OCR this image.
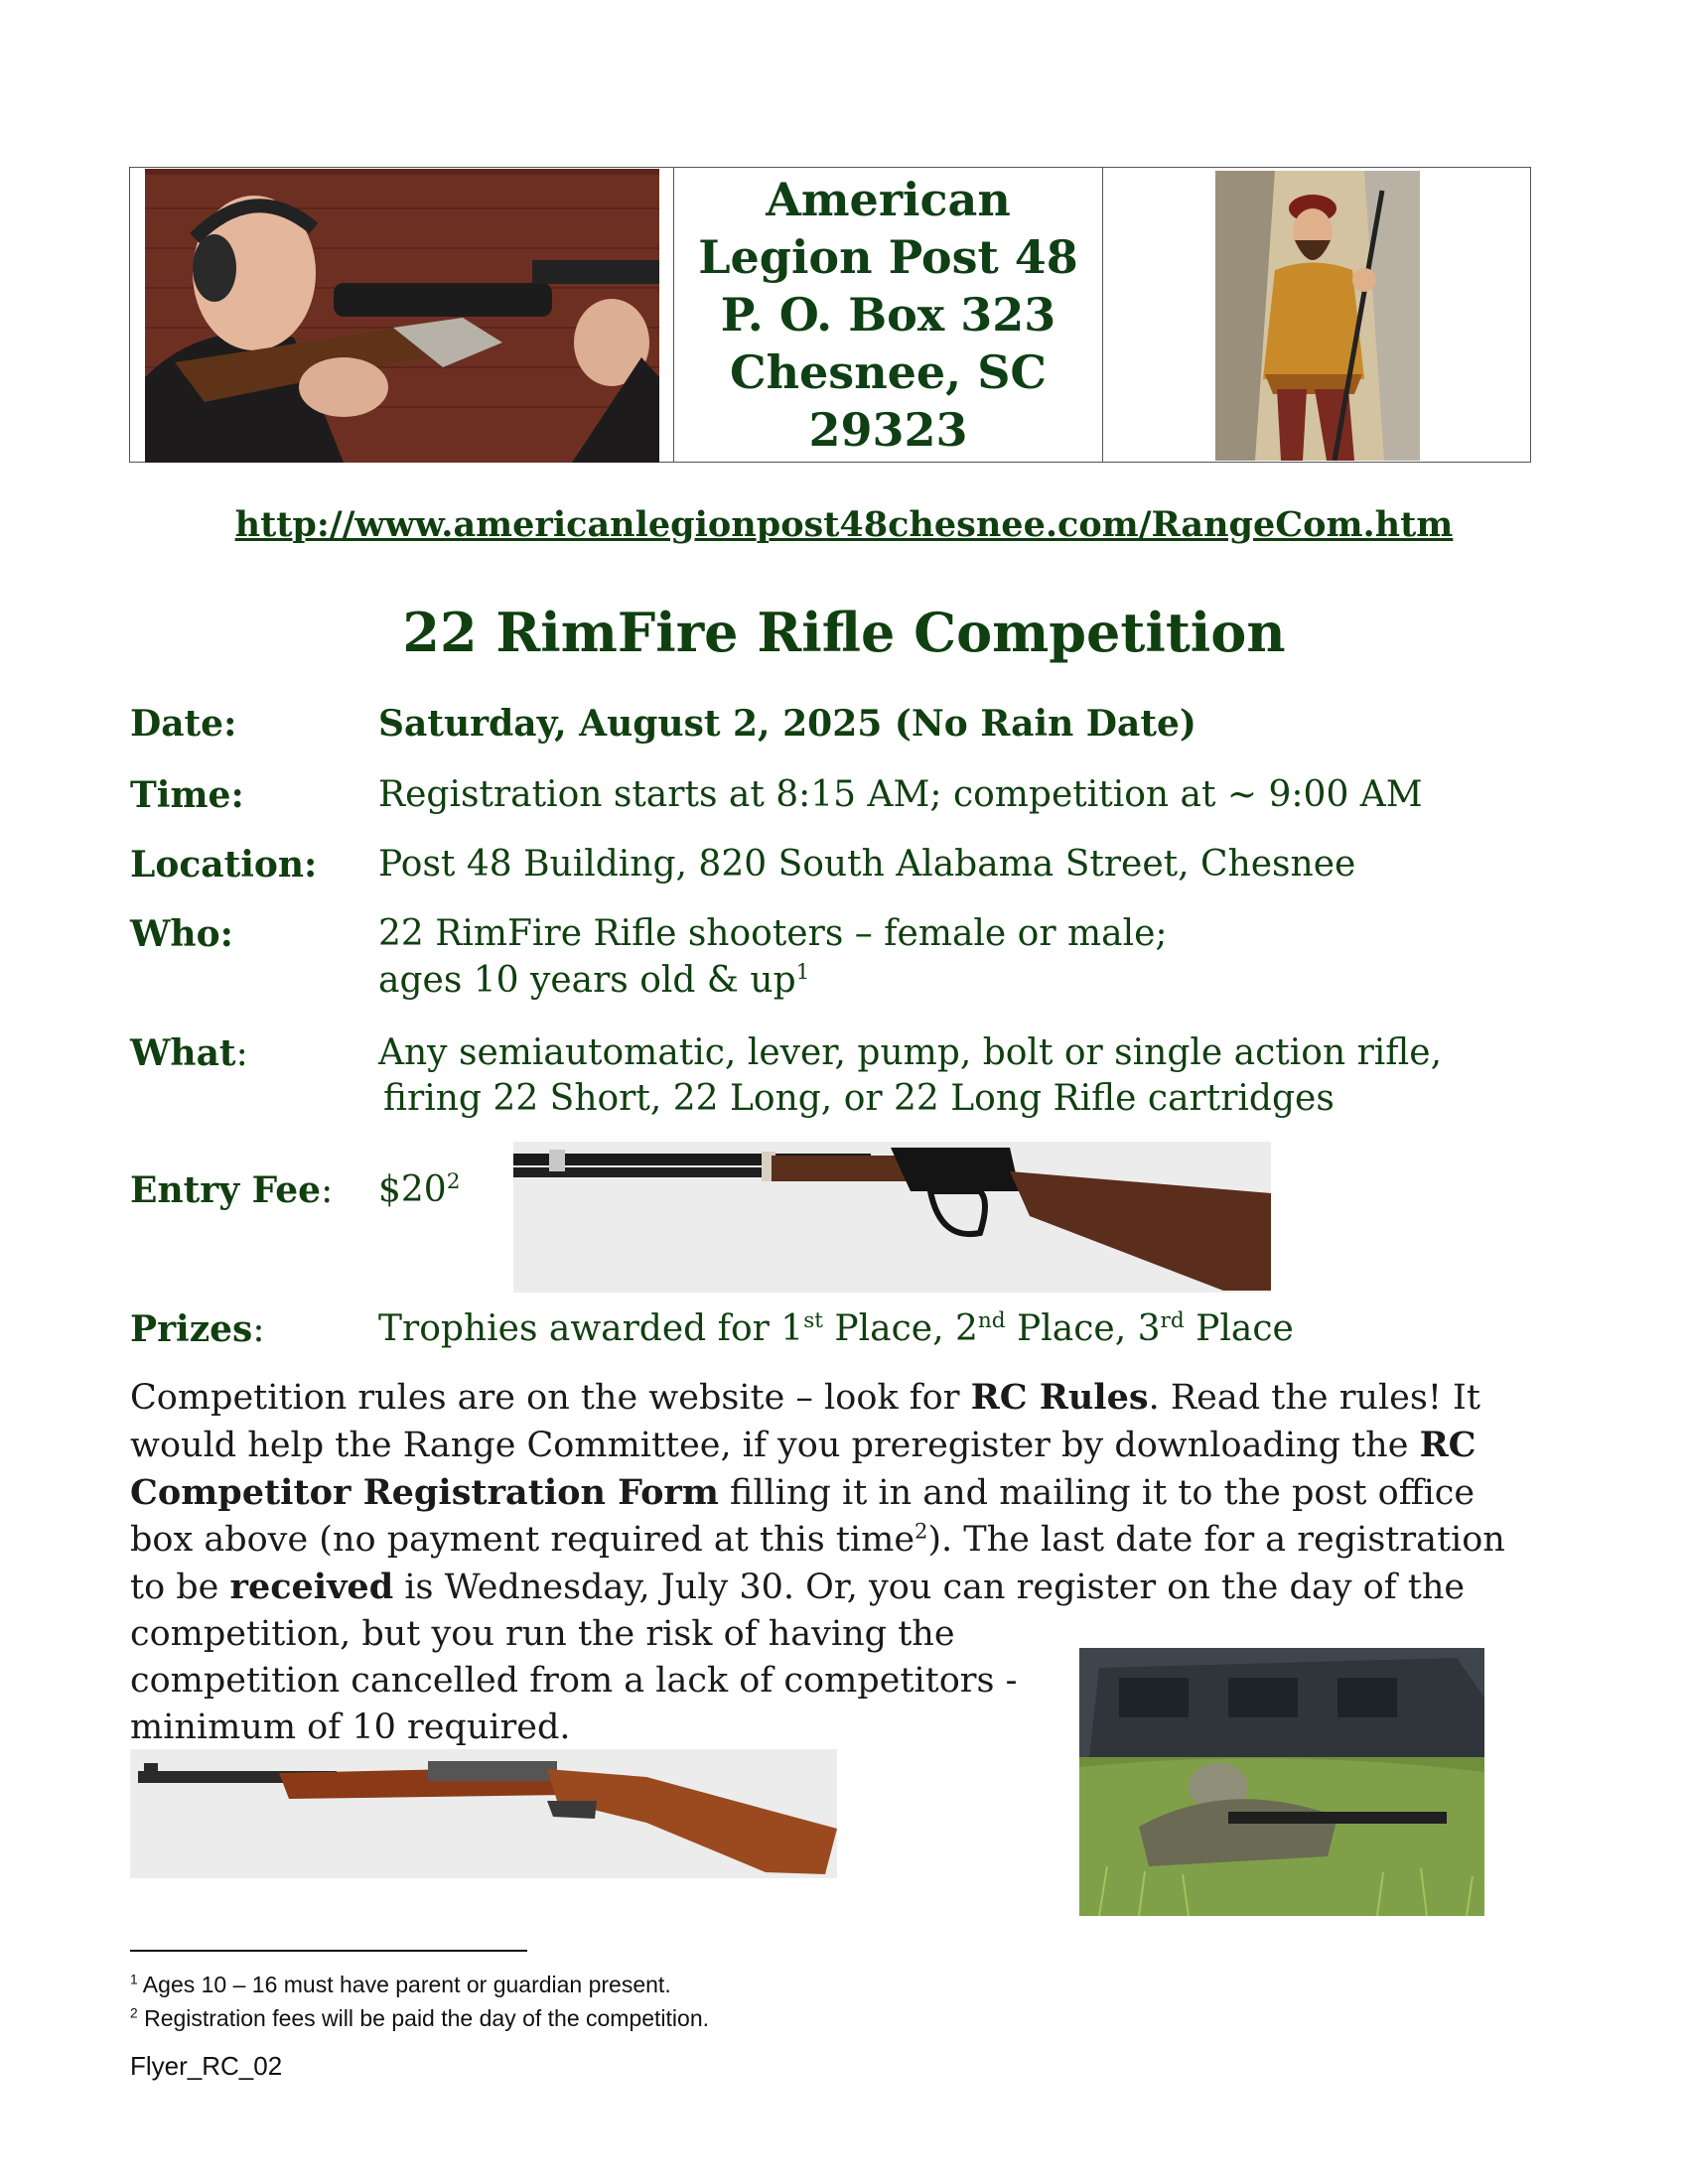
American
Legion Post 48
P. O. Box 323
Chesnee, SC
29323
http://www.americanlegionpost48chesnee.com/RangeCom.htm
22 RimFire Rifle Competition
Date:	Saturday, August 2, 2025 (No Rain Date)
Time:	Registration starts at 8:15 AM; competition at ~ 9:00 AM
Location: Post 48 Building, 820 South Alabama Street, Chesnee
Who:	22 RimFire Rifle shooters – female or male;
ages 10 years old & $up^1$
What:	Any semiautomatic, lever, pump, bolt or single action rifle,
firing 22 Short, 22 Long, or 22 Long Rifle cartridges
Entry Fee: $\$20^2$
Prizes:	Trophies awarded for 1st Place, 2nd Place, 3rd Place
Competition rules are on the website – look for RC Rules. Read the rules! It
would help the Range Committee, if you preregister by downloading the RC
Competitor Registration Form filling it in and mailing it to the post office
box above (no payment required at this time$^2$). The last date for a registration
to be received is Wednesday, July 30. Or, you can register on the day of the
competition, but you run the risk of having the
competition cancelled from a lack of competitors -
minimum of 10 required.
$^1$ Ages 10 – 16 must have parent or guardian present.
$^2$ Registration fees will be paid the day of the competition.
Flyer_RC_02
